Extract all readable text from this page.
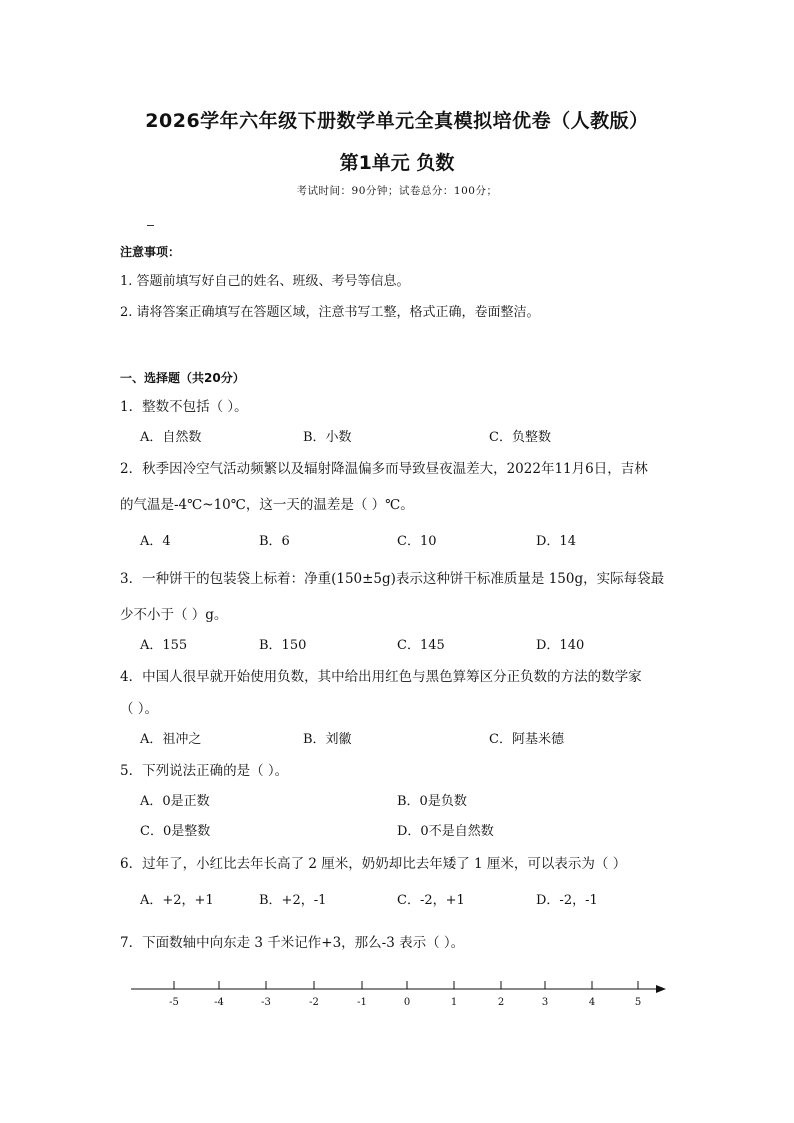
2026学年六年级下册数学单元全真模拟培优卷（人教版）
第1单元 负数
考试时间：90分钟；试卷总分：100分；
注意事项：
1. 答题前填写好自己的姓名、班级、考号等信息。
2. 请将答案正确填写在答题区域，注意书写工整，格式正确，卷面整洁。
一、选择题（共20分）
1．整数不包括（ ）。
A．自然数	B．小数	C．负整数
2．秋季因冷空气活动频繁以及辐射降温偏多而导致昼夜温差大，2022年11月6日，吉林
的气温是-4℃~10℃，这一天的温差是（ ）℃。
A．4	B．6	C．10	D．14
3．一种饼干的包装袋上标着：净重(150±5g)表示这种饼干标准质量是 150g，实际每袋最
少不小于（ ）g。
A．155	B．150	C．145	D．140
4．中国人很早就开始使用负数，其中给出用红色与黑色算筹区分正负数的方法的数学家
（ ）。
A．祖冲之	B．刘徽	C．阿基米德
5．下列说法正确的是（ ）。
A．0是正数	B．0是负数
C．0是整数	D．0不是自然数
6．过年了，小红比去年长高了 2 厘米，奶奶却比去年矮了 1 厘米，可以表示为（ ）
A．+2，+1	B．+2，-1	C．-2，+1	D．-2，-1
7．下面数轴中向东走 3 千米记作+3，那么-3 表示（ ）。
-5	-4	-3	-2	-1	0	1	2	3	4	5
